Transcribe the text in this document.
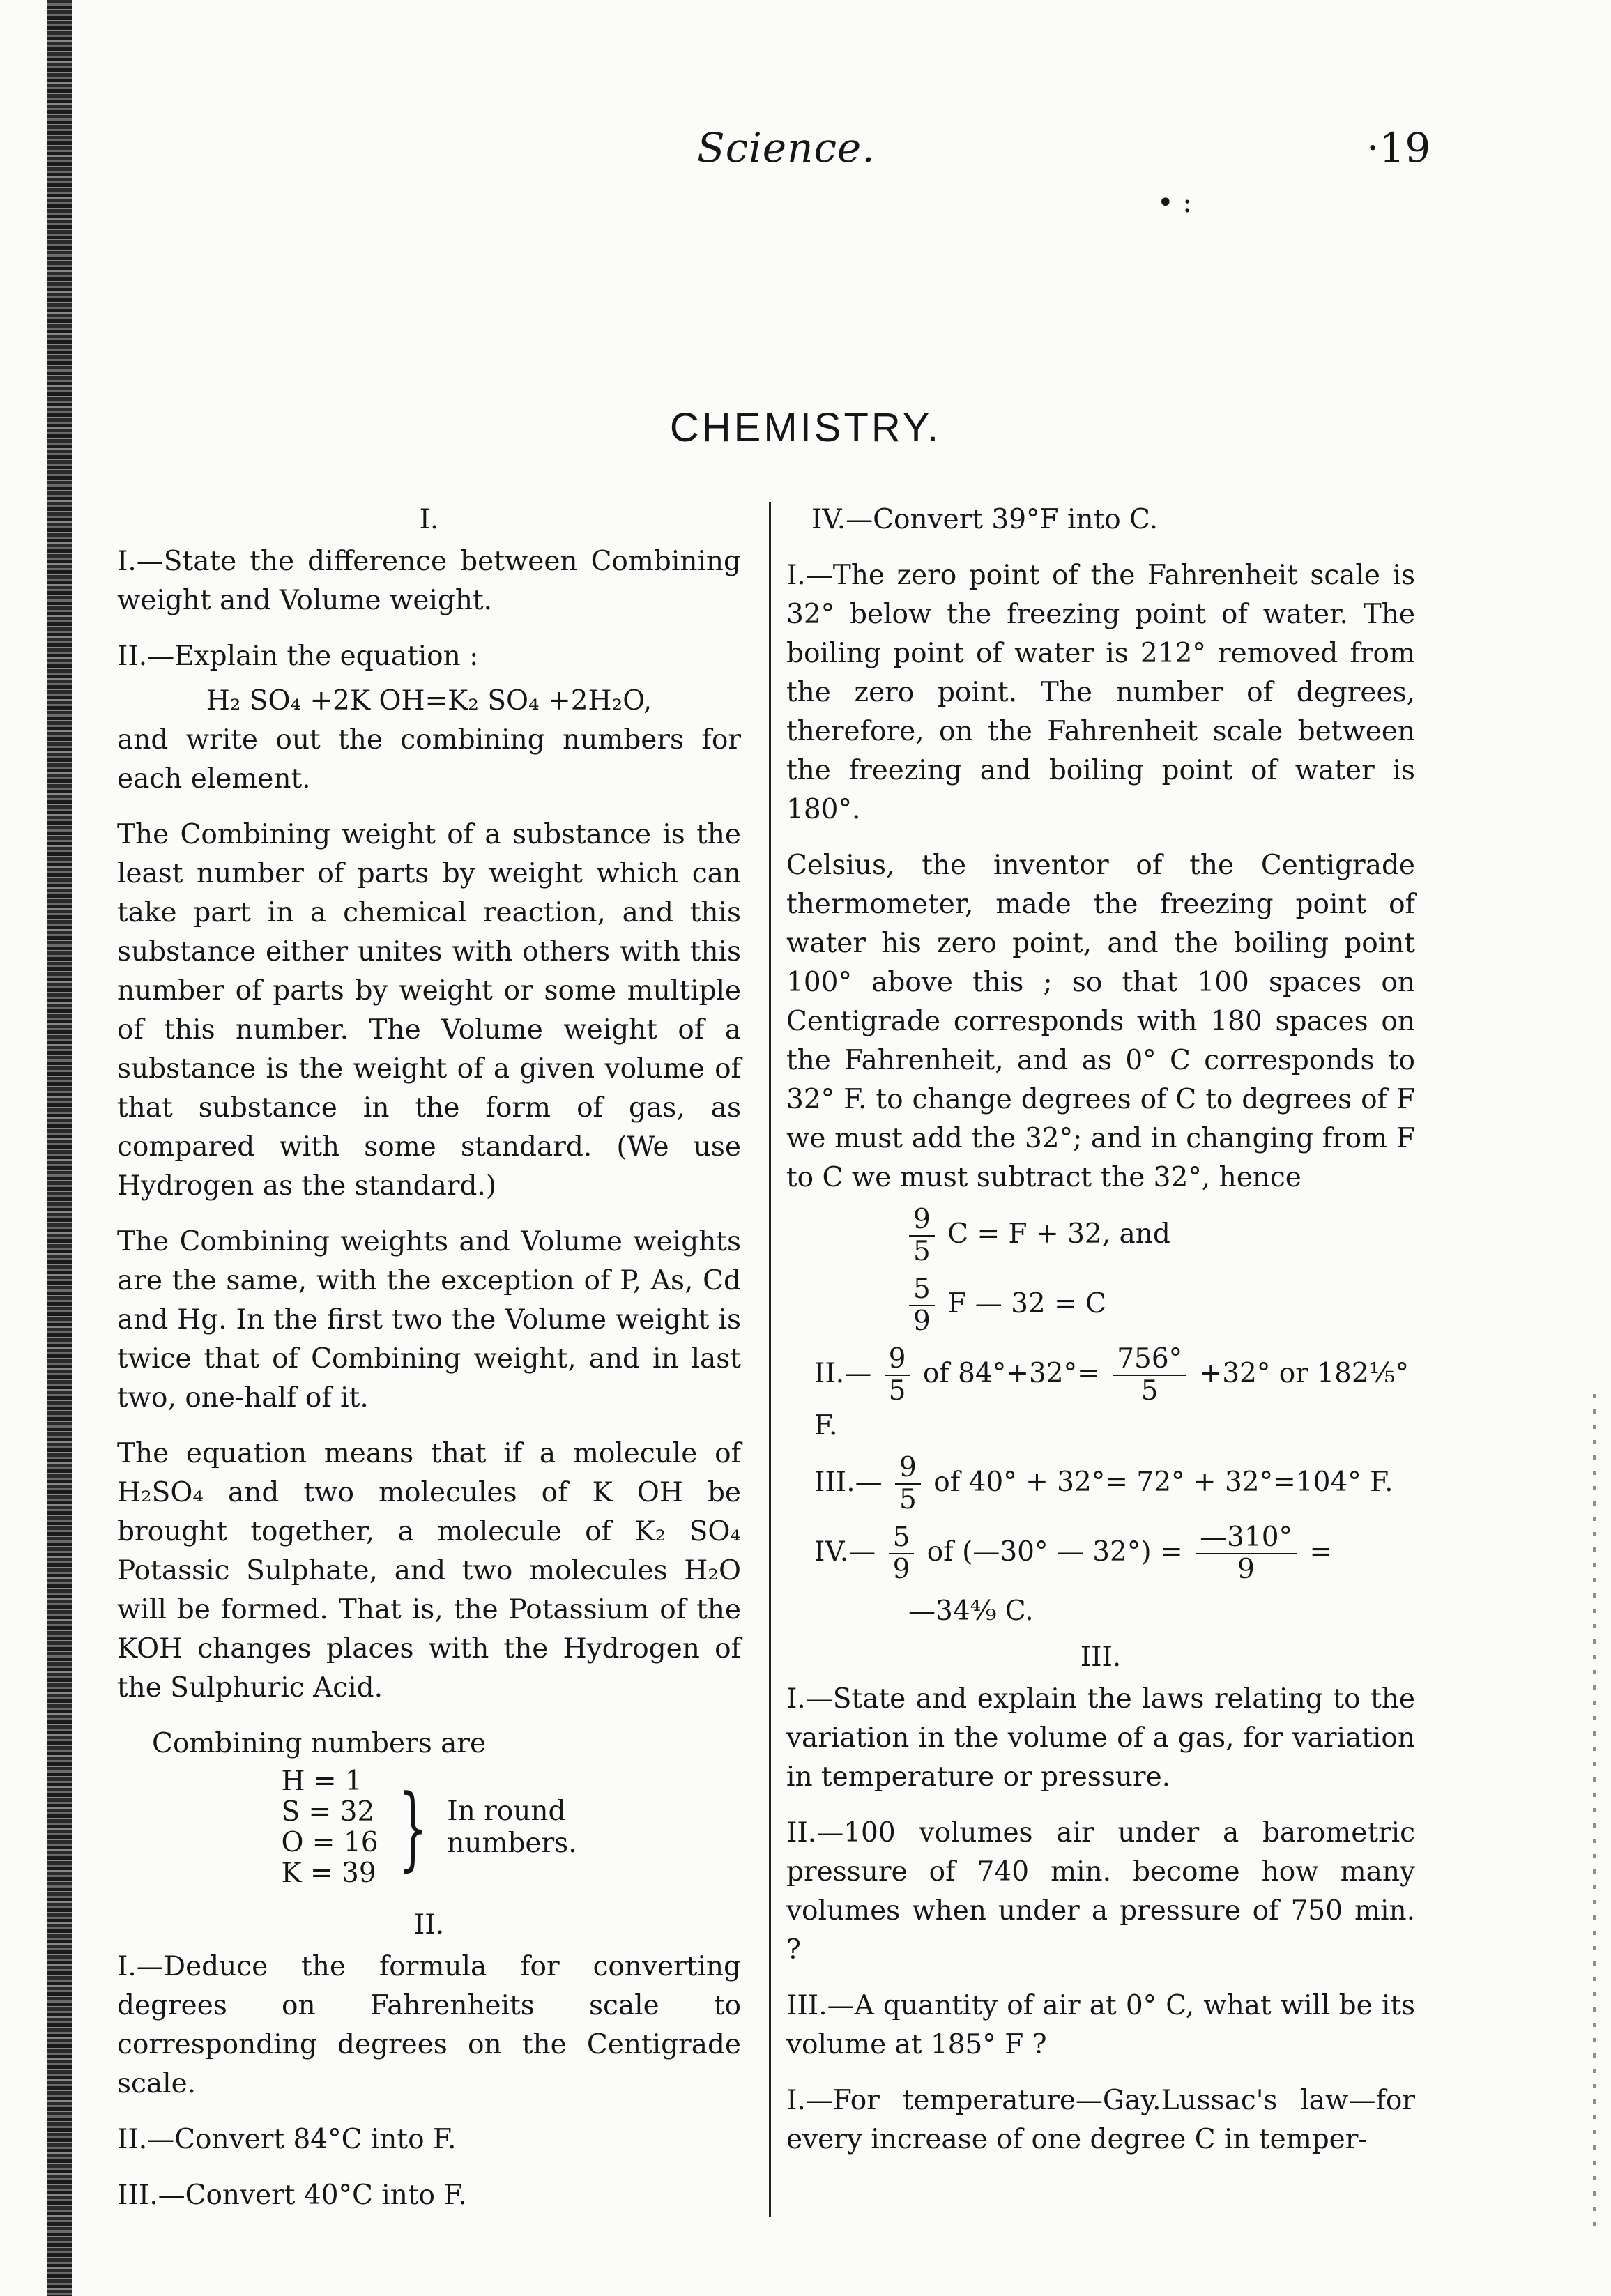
Science.	·19
• :
CHEMISTRY.
I.

I.—State the difference between Combining weight and Volume weight.

II.—Explain the equation :

H₂ SO₄ +2K OH=K₂ SO₄ +2H₂O,

and write out the combining numbers for each element.

The Combining weight of a substance is the least number of parts by weight which can take part in a chemical reaction, and this substance either unites with others with this number of parts by weight or some multiple of this number. The Volume weight of a substance is the weight of a given volume of that substance in the form of gas, as compared with some standard. (We use Hydrogen as the standard.)

The Combining weights and Volume weights are the same, with the exception of P, As, Cd and Hg. In the first two the Volume weight is twice that of Combining weight, and in last two, one-half of it.

The equation means that if a molecule of H₂SO₄ and two molecules of K OH be brought together, a molecule of K₂ SO₄ Potassic Sulphate, and two molecules H₂O will be formed. That is, the Potassium of the KOH changes places with the Hydrogen of the Sulphuric Acid.

Combining numbers are

H = 1
S = 32
O = 16
K = 39 } In round
numbers.
II.

I.—Deduce the formula for converting degrees on Fahrenheits scale to corresponding degrees on the Centigrade scale.

II.—Convert 84°C into F.

III.—Convert 40°C into F.

IV.—Convert 39°F into C.

I.—The zero point of the Fahrenheit scale is 32° below the freezing point of water. The boiling point of water is 212° removed from the zero point. The number of degrees, therefore, on the Fahrenheit scale between the freezing and boiling point of water is 180°.

Celsius, the inventor of the Centigrade thermometer, made the freezing point of water his zero point, and the boiling point 100° above this ; so that 100 spaces on Centigrade corresponds with 180 spaces on the Fahrenheit, and as 0° C corresponds to 32° F. to change degrees of C to degrees of F we must add the 32°; and in changing from F to C we must subtract the 32°, hence

$\frac{9}{5}$ C = F + 32, and
$\frac{5}{9}$ F — 32 = C
II.— $\frac{9}{5}$ of $84^\circ+32^\circ= \frac{756^\circ}{5} +32^\circ$ or 182⅕° F.
III.— $\frac{9}{5}$ of 40° + 32°= 72° + 32°=104° F.
IV.— $\frac{5}{9}$ of (—30° — $32^\circ) = \frac{—310^\circ}{9}$ =
—34⁴⁄₉ C.
III.

I.—State and explain the laws relating to the variation in the volume of a gas, for variation in temperature or pressure.

II.—100 volumes air under a barometric pressure of 740 min. become how many volumes when under a pressure of 750 min. ?

III.—A quantity of air at 0° C, what will be its volume at 185° F ?

I.—For temperature—Gay.Lussac's law—for every increase of one degree C in temper-
